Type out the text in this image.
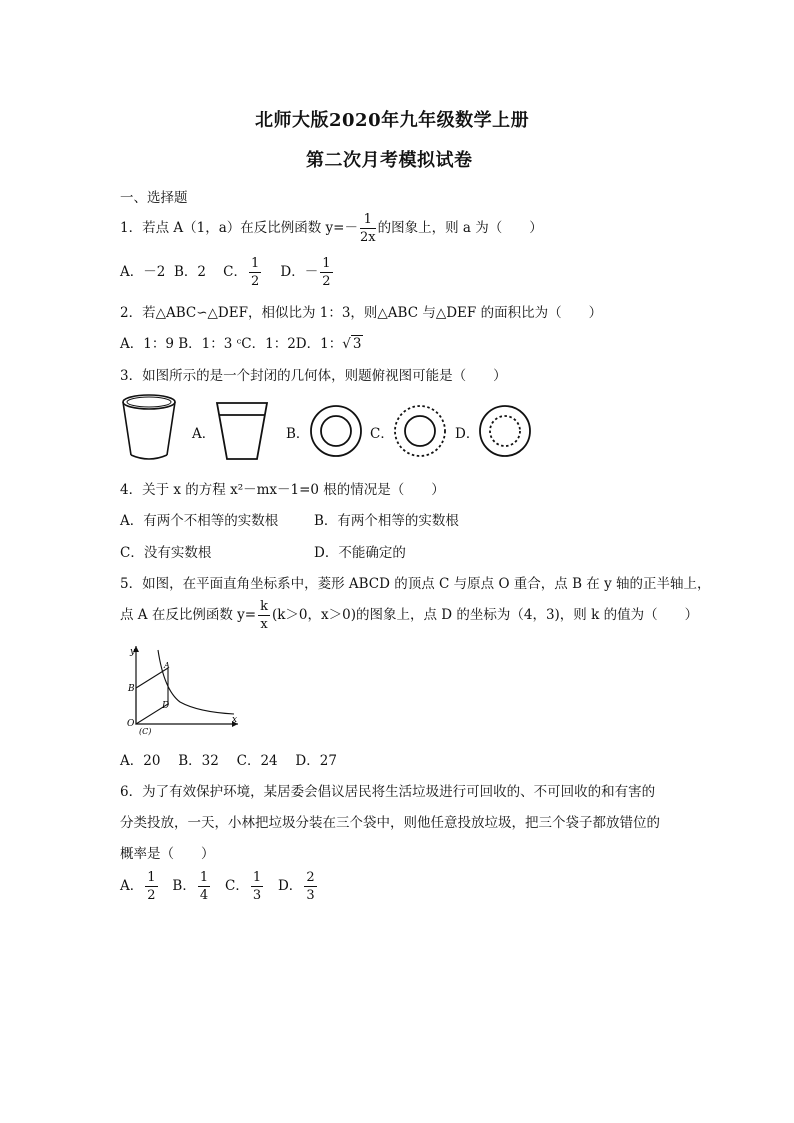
北师大版2020年九年级数学上册
第二次月考模拟试卷
一、选择题
1．若点 A（1，a）在反比例函数 $y=- \frac{1}{2x}$ 的图象上，则 a 为（　　）
A．－2 B．2 C． $\frac{1}{2}$ D．－ $\frac{1}{2}$
2．若△ABC∽△DEF，相似比为 1：3，则△ABC 与△DEF 的面积比为（　　）
A．1：9 B．1：3 ᶜC．1：2D．1：√ 3
3．如图所示的是一个封闭的几何体，则题俯视图可能是（　　）
A．	B．	C．	D．
4．关于 x 的方程 x²－mx－1=0 根的情况是（　　）
A．有两个不相等的实数根	B．有两个相等的实数根
C．没有实数根	D．不能确定的
5．如图，在平面直角坐标系中，菱形 ABCD 的顶点 C 与原点 O 重合，点 B 在 y 轴的正半轴上，
点 A 在反比例函数 $y= \frac{k}{x} (k>0$，x＞0)的图象上，点 D 的坐标为（4，3)，则 k 的值为（　　）
y
x
A
B
D
O
(C)
A．20　 B．32　 C．24　 D．27
6．为了有效保护环境，某居委会倡议居民将生活垃圾进行可回收的、不可回收的和有害的
分类投放，一天，小林把垃圾分装在三个袋中，则他任意投放垃圾，把三个袋子都放错位的
概率是（　　）
A． $\frac{1}{2}$ B． $\frac{1}{4}$ C． $\frac{1}{3}$ D． $\frac{2}{3}$
